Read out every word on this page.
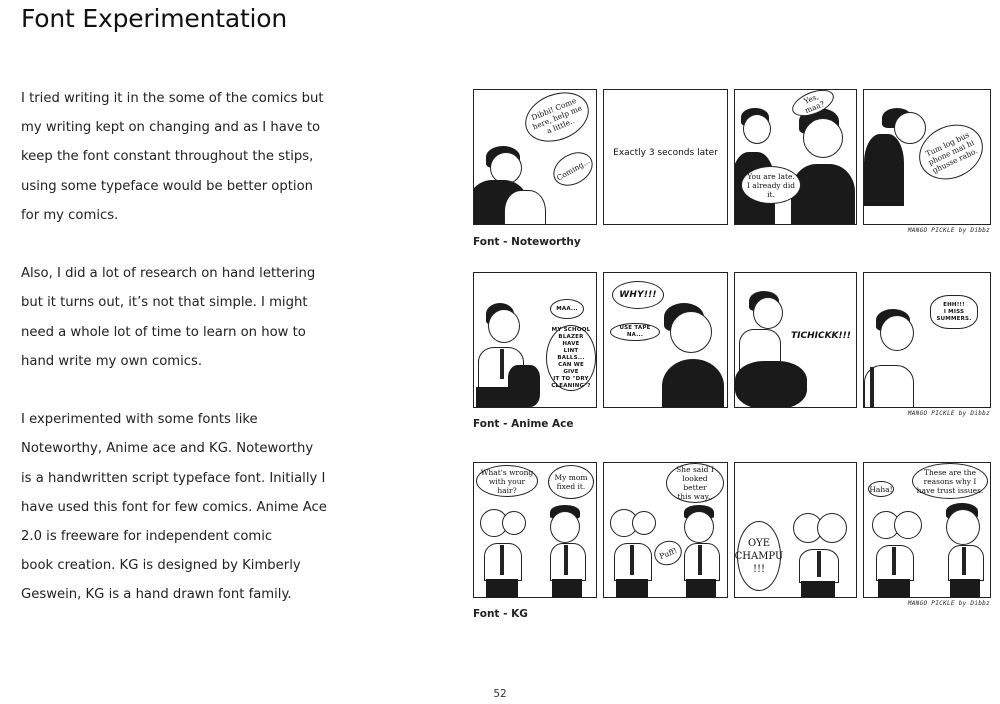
Font Experimentation

I tried writing it in the some of the comics but
my writing kept on changing and as I have to
keep the font constant throughout the stips,
using some typeface would be better option
for my comics.

Also, I did a lot of research on hand lettering
but it turns out, it’s not that simple. I might
need a whole lot of time to learn on how to
hand write my own comics.

I experimented with some fonts like
Noteworthy, Anime ace and KG. Noteworthy
is a handwritten script typeface font. Initially I
have used this font for few comics. Anime Ace
2.0 is freeware for independent comic
book creation. KG is designed by Kimberly
Geswein, KG is a hand drawn font family.

Dibbi! Come
here, help me
a little..
Coming...
Exactly 3 seconds later
Yes, maa?
You are late.
I already did it.
Tum log bus
phone mai hi
ghusse raho.
Font - Noteworthy
MANGO PICKLE by Dibbz
MAA...
MY SCHOOL
BLAZER HAVE
LINT BALLS...
CAN WE GIVE
IT TO "DRY
CLEANING"?
WHY!!!
USE TAPE NA...	TICHICKK!!!
EHH!!!
I MISS
SUMMERS.
Font - Anime Ace
MANGO PICKLE by Dibbz
What's wrong
with your hair?
My mom
fixed it.
She said I
looked better
this way..
Puff!
OYE
CHAMPU
!!!
Haha!
These are the
reasons why I
have trust issues.
Font - KG
MANGO PICKLE by Dibbz
52
